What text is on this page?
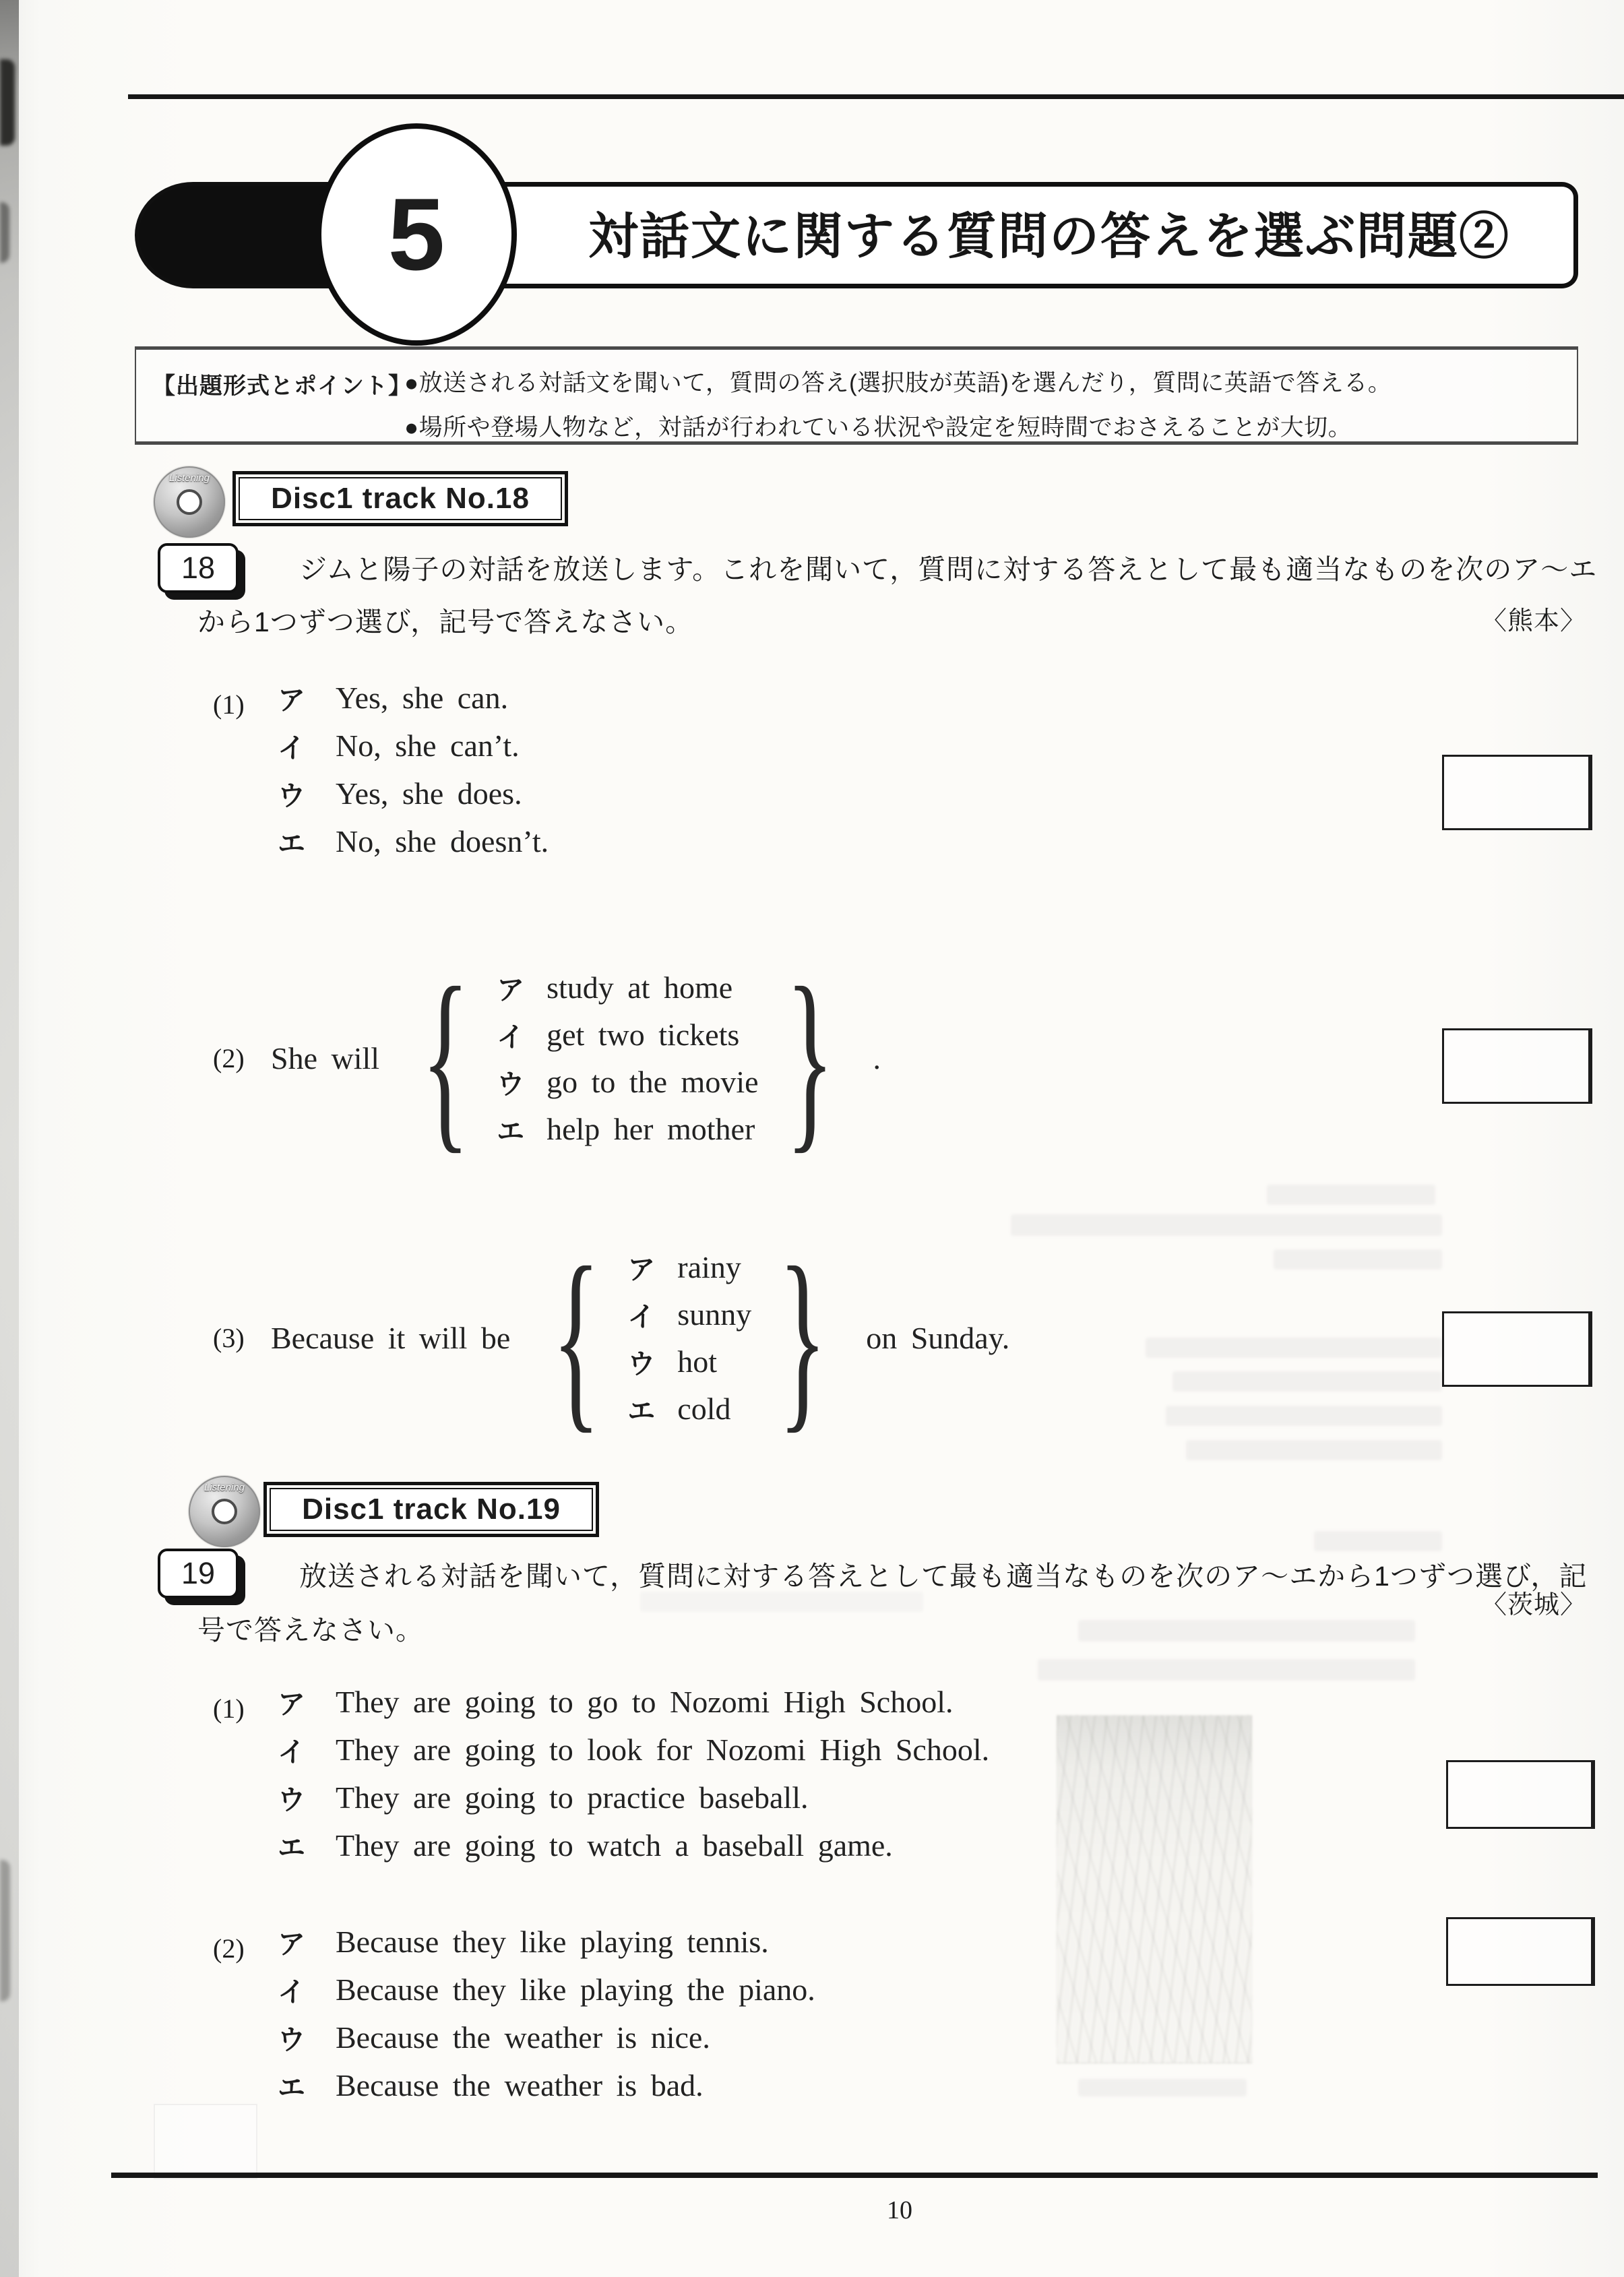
5	対話文に関する質問の答えを選ぶ問題②
【出題形式とポイント】
●放送される対話文を聞いて，質問の答え(選択肢が英語)を選んだり，質問に英語で答える。
●場所や登場人物など，対話が行われている状況や設定を短時間でおさえることが大切。
Listening
Disc1 track No.18
18	ジムと陽子の対話を放送します。これを聞いて，質問に対する答えとして最も適当なものを次のア〜エ
から1つずつ選び，記号で答えなさい。	〈熊本〉
(1) ア Yes, she can.
イ No, she can’t.
ウ Yes, she does.
エ No, she doesn’t.
(2) She will { ア study at home
イ get two tickets
ウ go to the movie
エ help her mother } .
(3) Because it will be { ア rainy
イ sunny
ウ hot
エ cold } on Sunday.
Listening
Disc1 track No.19
19	放送される対話を聞いて，質問に対する答えとして最も適当なものを次のア〜エから1つずつ選び，記
号で答えなさい。
〈茨城〉
(1) ア They are going to go to Nozomi High School.
イ They are going to look for Nozomi High School.
ウ They are going to practice baseball.
エ They are going to watch a baseball game.
(2) ア Because they like playing tennis.
イ Because they like playing the piano.
ウ Because the weather is nice.
エ Because the weather is bad.
10
